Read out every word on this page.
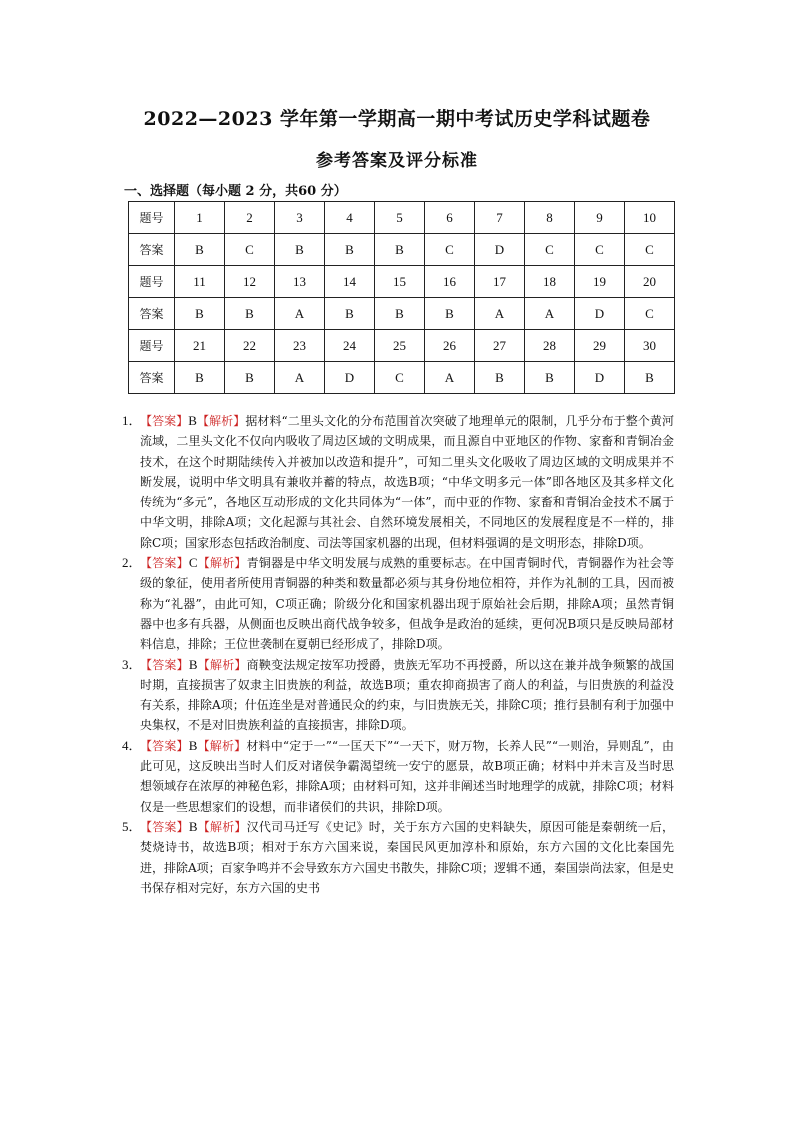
2022—2023 学年第一学期高一期中考试历史学科试题卷
参考答案及评分标准
一、选择题（每小题 2 分，共60 分）
题号	1	2	3	4	5	6	7	8	9	10
答案	B	C	B	B	B	C	D	C	C	C
题号	11	12	13	14	15	16	17	18	19	20
答案	B	B	A	B	B	B	A	A	D	C
题号	21	22	23	24	25	26	27	28	29	30
答案	B	B	A	D	C	A	B	B	D	B
1．
【答案】B【解析】据材料“二里头文化的分布范围首次突破了地理单元的限制，几乎分布于整个黄河流域，二里头文化不仅向内吸收了周边区域的文明成果，而且源自中亚地区的作物、家畜和青铜冶金技术，在这个时期陆续传入并被加以改造和提升”，可知二里头文化吸收了周边区域的文明成果并不断发展，说明中华文明具有兼收并蓄的特点，故选B项；“中华文明多元一体”即各地区及其多样文化传统为“多元”，各地区互动形成的文化共同体为“一体”，而中亚的作物、家畜和青铜冶金技术不属于中华文明，排除A项；文化起源与其社会、自然环境发展相关，不同地区的发展程度是不一样的，排除C项；国家形态包括政治制度、司法等国家机器的出现，但材料强调的是文明形态，排除D项。
2．
【答案】C【解析】青铜器是中华文明发展与成熟的重要标志。在中国青铜时代，青铜器作为社会等级的象征，使用者所使用青铜器的种类和数量都必须与其身份地位相符，并作为礼制的工具，因而被称为“礼器”，由此可知，C项正确；阶级分化和国家机器出现于原始社会后期，排除A项；虽然青铜器中也多有兵器，从侧面也反映出商代战争较多，但战争是政治的延续，更何况B项只是反映局部材料信息，排除；王位世袭制在夏朝已经形成了，排除D项。
3．
【答案】B【解析】商鞅变法规定按军功授爵，贵族无军功不再授爵，所以这在兼并战争频繁的战国时期，直接损害了奴隶主旧贵族的利益，故选B项；重农抑商损害了商人的利益，与旧贵族的利益没有关系，排除A项；什伍连坐是对普通民众的约束，与旧贵族无关，排除C项；推行县制有利于加强中央集权，不是对旧贵族利益的直接损害，排除D项。
4．
【答案】B【解析】材料中“定于一”“一匡天下”“一天下，财万物，长养人民”“一则治，异则乱”，由此可见，这反映出当时人们反对诸侯争霸渴望统一安宁的愿景，故B项正确；材料中并未言及当时思想领域存在浓厚的神秘色彩，排除A项；由材料可知，这并非阐述当时地理学的成就，排除C项；材料仅是一些思想家们的设想，而非诸侯们的共识，排除D项。
5．
【答案】B【解析】汉代司马迁写《史记》时，关于东方六国的史料缺失，原因可能是秦朝统一后，焚烧诗书，故选B项；相对于东方六国来说，秦国民风更加淳朴和原始，东方六国的文化比秦国先进，排除A项；百家争鸣并不会导致东方六国史书散失，排除C项；逻辑不通，秦国崇尚法家，但是史书保存相对完好，东方六国的史书
